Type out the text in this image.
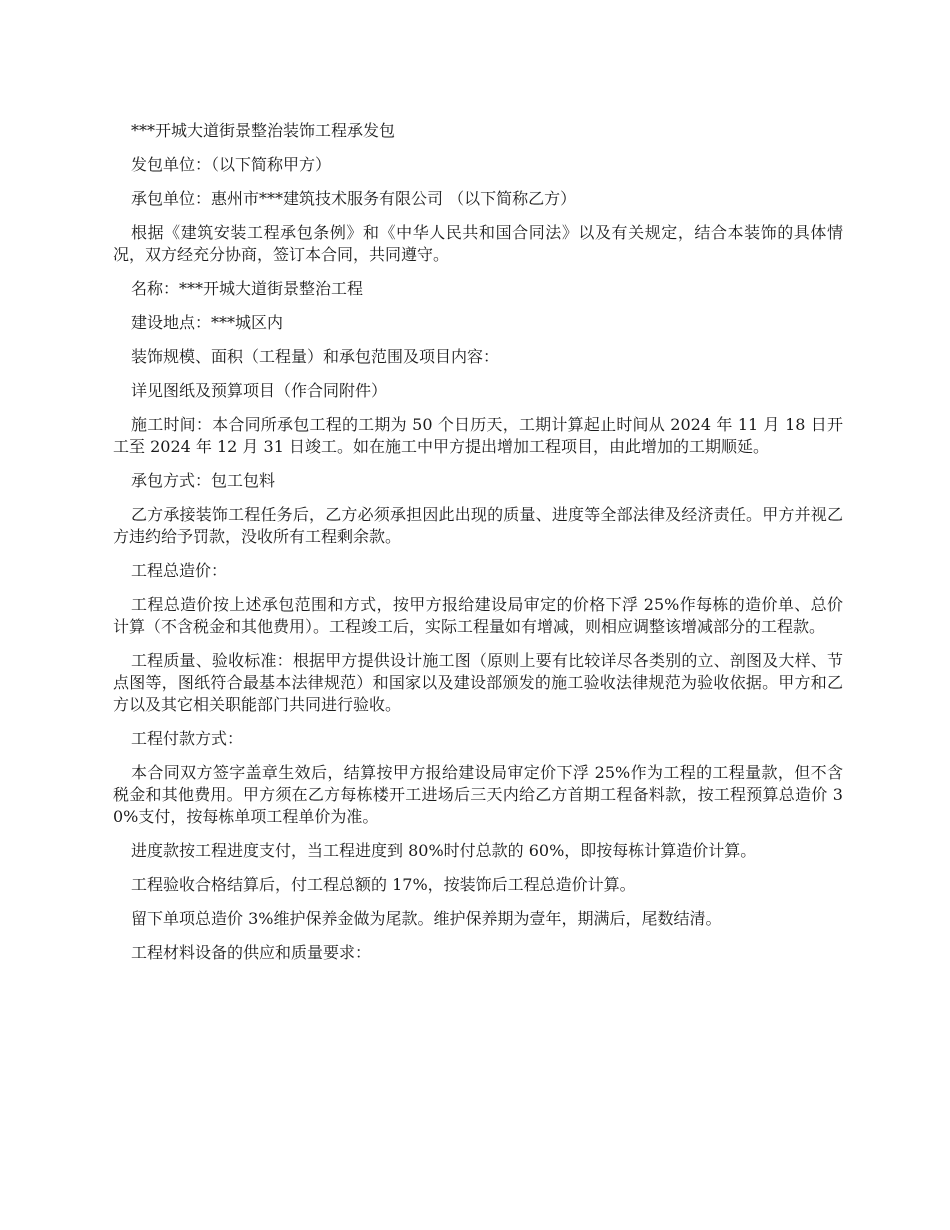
***开城大道街景整治装饰工程承发包

发包单位：（以下简称甲方）

承包单位：惠州市***建筑技术服务有限公司 （以下简称乙方）

根据《建筑安装工程承包条例》和《中华人民共和国合同法》以及有关规定，结合本装饰的具体情况，双方经充分协商，签订本合同，共同遵守。

名称：***开城大道街景整治工程

建设地点：***城区内

装饰规模、面积（工程量）和承包范围及项目内容：

详见图纸及预算项目（作合同附件）

施工时间：本合同所承包工程的工期为 50 个日历天，工期计算起止时间从 2024 年 11 月 18 日开工至 2024 年 12 月 31 日竣工。如在施工中甲方提出增加工程项目，由此增加的工期顺延。

承包方式：包工包料

乙方承接装饰工程任务后，乙方必须承担因此出现的质量、进度等全部法律及经济责任。甲方并视乙方违约给予罚款，没收所有工程剩余款。

工程总造价：

工程总造价按上述承包范围和方式，按甲方报给建设局审定的价格下浮 25%作每栋的造价单、总价计算（不含税金和其他费用）。工程竣工后，实际工程量如有增减，则相应调整该增减部分的工程款。

工程质量、验收标准：根据甲方提供设计施工图（原则上要有比较详尽各类别的立、剖图及大样、节点图等，图纸符合最基本法律规范）和国家以及建设部颁发的施工验收法律规范为验收依据。甲方和乙方以及其它相关职能部门共同进行验收。

工程付款方式：

本合同双方签字盖章生效后，结算按甲方报给建设局审定价下浮 25%作为工程的工程量款，但不含税金和其他费用。甲方须在乙方每栋楼开工进场后三天内给乙方首期工程备料款，按工程预算总造价 30%支付，按每栋单项工程单价为准。

进度款按工程进度支付，当工程进度到 80%时付总款的 60%，即按每栋计算造价计算。

工程验收合格结算后，付工程总额的 17%，按装饰后工程总造价计算。

留下单项总造价 3%维护保养金做为尾款。维护保养期为壹年，期满后，尾数结清。

工程材料设备的供应和质量要求：
